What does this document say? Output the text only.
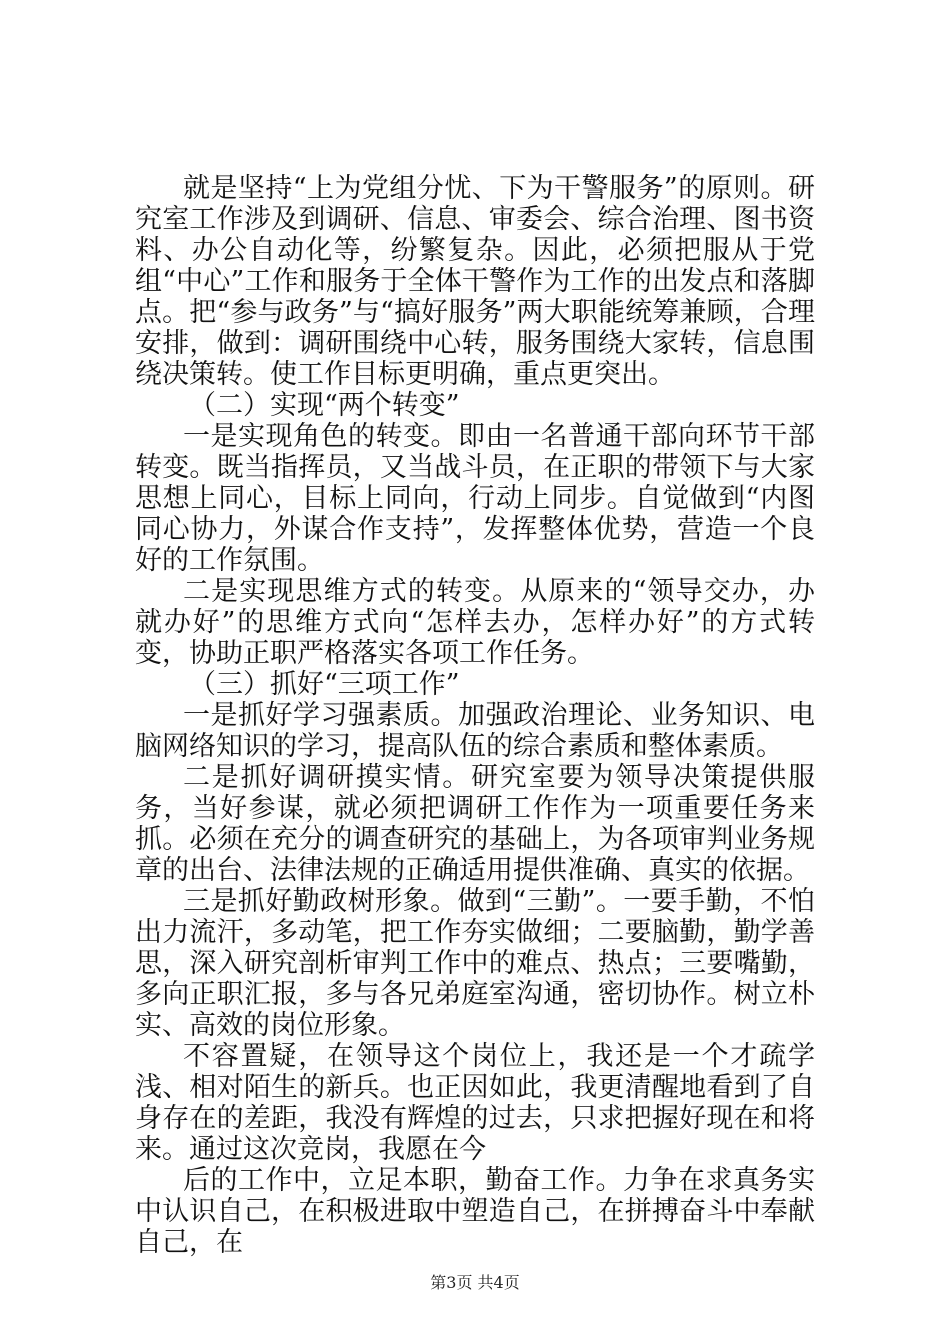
就是坚持“上为党组分忧、下为干警服务”的原则。研究室工作涉及到调研、信息、审委会、综合治理、图书资料、办公自动化等，纷繁复杂。因此，必须把服从于党组“中心”工作和服务于全体干警作为工作的出发点和落脚点。把“参与政务”与“搞好服务”两大职能统筹兼顾，合理安排，做到：调研围绕中心转，服务围绕大家转，信息围绕决策转。使工作目标更明确，重点更突出。

（二）实现“两个转变”

一是实现角色的转变。即由一名普通干部向环节干部转变。既当指挥员，又当战斗员，在正职的带领下与大家思想上同心，目标上同向，行动上同步。自觉做到“内图同心协力，外谋合作支持”，发挥整体优势，营造一个良好的工作氛围。

二是实现思维方式的转变。从原来的“领导交办，办就办好”的思维方式向“怎样去办，怎样办好”的方式转变，协助正职严格落实各项工作任务。

（三）抓好“三项工作”

一是抓好学习强素质。加强政治理论、业务知识、电脑网络知识的学习，提高队伍的综合素质和整体素质。

二是抓好调研摸实情。研究室要为领导决策提供服务，当好参谋，就必须把调研工作作为一项重要任务来抓。必须在充分的调查研究的基础上，为各项审判业务规章的出台、法律法规的正确适用提供准确、真实的依据。

三是抓好勤政树形象。做到“三勤”。一要手勤，不怕出力流汗，多动笔，把工作夯实做细；二要脑勤，勤学善思，深入研究剖析审判工作中的难点、热点；三要嘴勤，多向正职汇报，多与各兄弟庭室沟通，密切协作。树立朴实、高效的岗位形象。

不容置疑，在领导这个岗位上，我还是一个才疏学浅、相对陌生的新兵。也正因如此，我更清醒地看到了自身存在的差距，我没有辉煌的过去，只求把握好现在和将来。通过这次竞岗，我愿在今

后的工作中，立足本职，勤奋工作。力争在求真务实中认识自己，在积极进取中塑造自己，在拼搏奋斗中奉献自己，在

第3页 共4页
